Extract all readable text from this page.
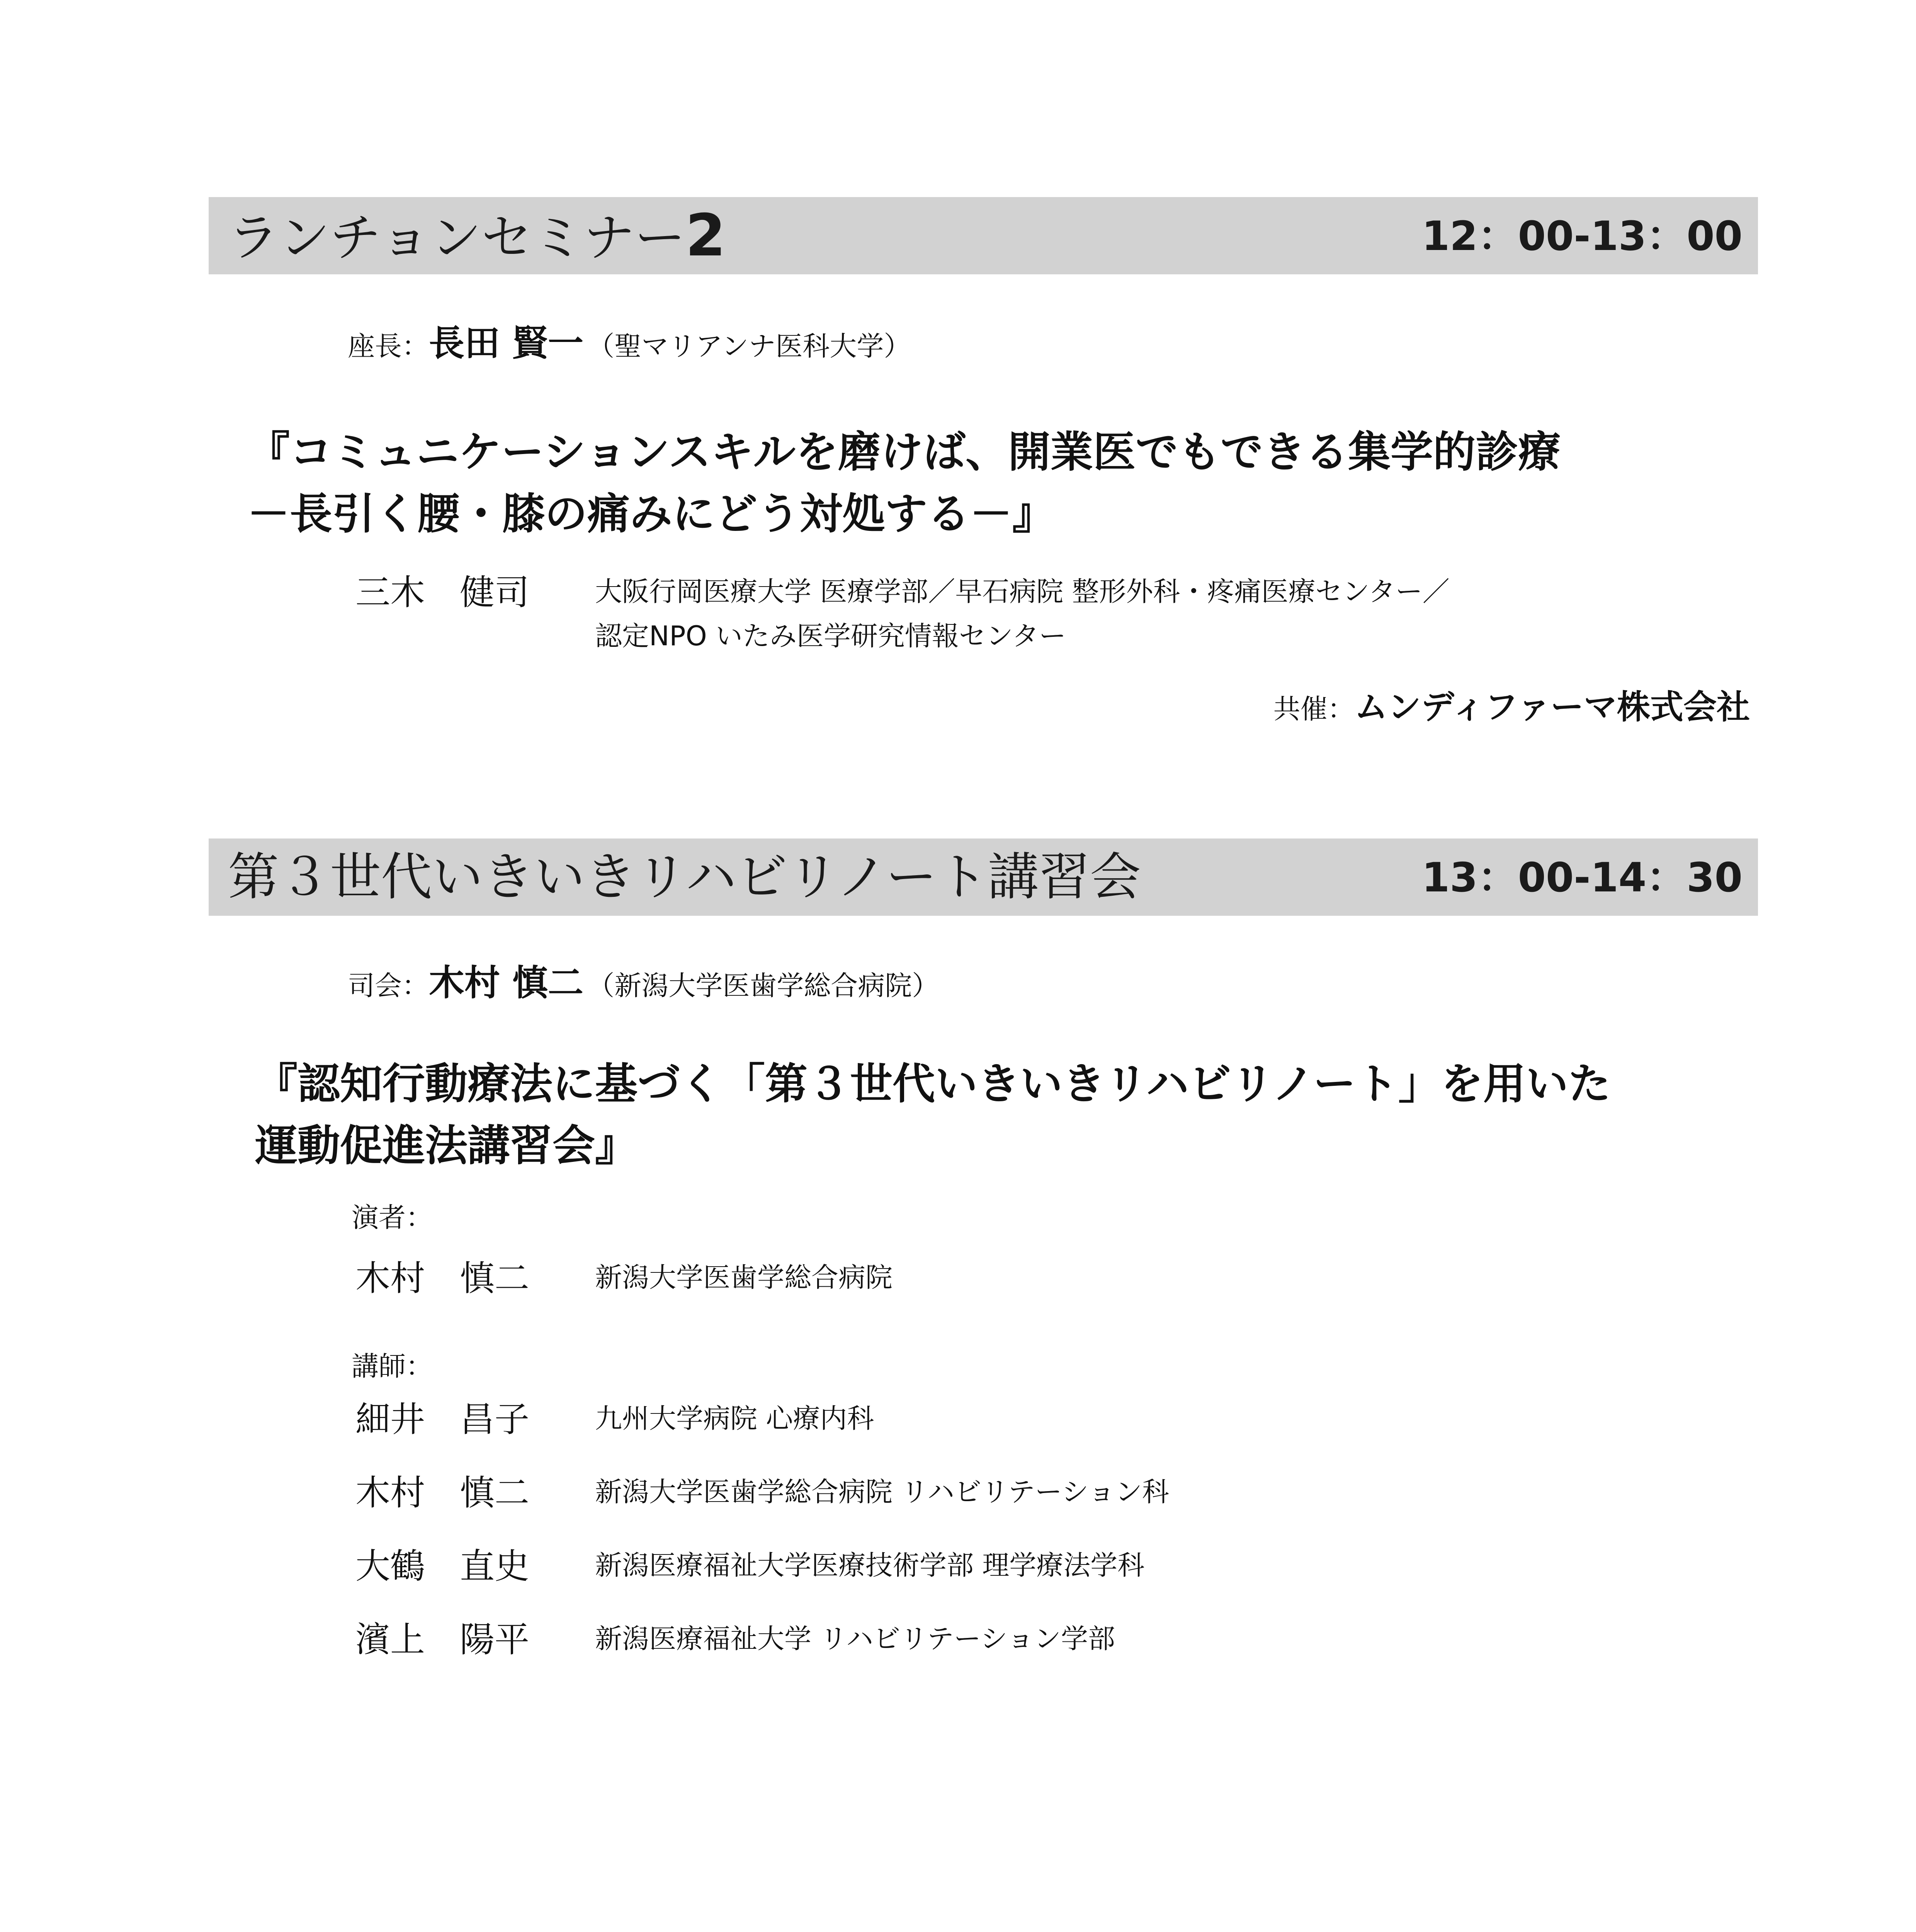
ランチョンセミナー2	12：00-13：00
座長：長田 賢一 （聖マリアンナ医科大学）
『コミュニケーションスキルを磨けば、開業医でもできる集学的診療
－長引く腰・膝の痛みにどう対処する－』
三木　健司 大阪行岡医療大学 医療学部／早石病院 整形外科・疼痛医療センター／
認定NPO いたみ医学研究情報センター
共催：ムンディファーマ株式会社
第３世代いきいきリハビリノート講習会	13：00-14：30
司会：木村 慎二 （新潟大学医歯学総合病院）
『認知行動療法に基づく「第３世代いきいきリハビリノート」を用いた
運動促進法講習会』
演者：
木村　慎二 新潟大学医歯学総合病院
講師：
細井　昌子 九州大学病院 心療内科
木村　慎二 新潟大学医歯学総合病院 リハビリテーション科
大鶴　直史 新潟医療福祉大学医療技術学部 理学療法学科
濱上　陽平 新潟医療福祉大学 リハビリテーション学部
